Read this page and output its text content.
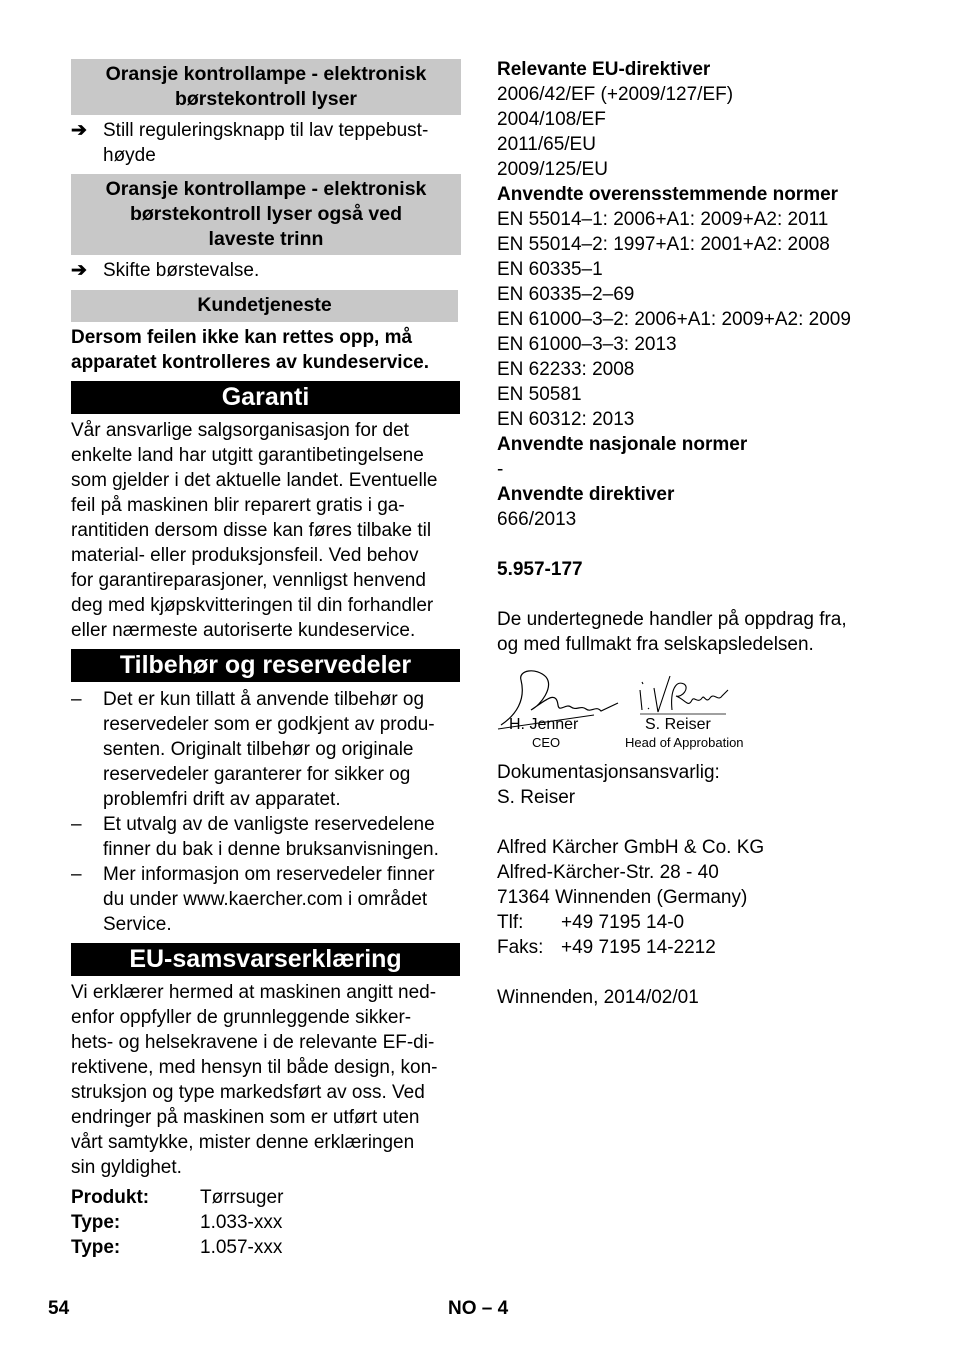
Oransje kontrollampe - elektronisk børstekontroll lyser
➔ Still reguleringsknapp til lav teppebust-
høyde
Oransje kontrollampe - elektronisk
børstekontroll lyser også ved
laveste trinn
➔ Skifte børstevalse.
Kundetjeneste
Dersom feilen ikke kan rettes opp, må
apparatet kontrolleres av kundeservice.
Garanti
Vår ansvarlige salgsorganisasjon for det
enkelte land har utgitt garantibetingelsene
som gjelder i det aktuelle landet. Eventuelle
feil på maskinen blir reparert gratis i ga-
rantitiden dersom disse kan føres tilbake til
material- eller produksjonsfeil. Ved behov
for garantireparasjoner, vennligst henvend
deg med kjøpskvitteringen til din forhandler
eller nærmeste autoriserte kundeservice.
Tilbehør og reservedeler
– Det er kun tillatt å anvende tilbehør og
reservedeler som er godkjent av produ-
senten. Originalt tilbehør og originale
reservedeler garanterer for sikker og
problemfri drift av apparatet.
– Et utvalg av de vanligste reservedelene
finner du bak i denne bruksanvisningen.
– Mer informasjon om reservedeler finner
du under www.kaercher.com i området
Service.
EU-samsvarserklæring
Vi erklærer hermed at maskinen angitt ned-
enfor oppfyller de grunnleggende sikker-
hets- og helsekravene i de relevante EF-di-
rektivene, med hensyn til både design, kon-
struksjon og type markedsført av oss. Ved
endringer på maskinen som er utført uten
vårt samtykke, mister denne erklæringen
sin gyldighet.
Produkt:	Tørrsuger
Type:	1.033-xxx
Type:	1.057-xxx
Relevante EU-direktiver
2006/42/EF (+2009/127/EF)
2004/108/EF
2011/65/EU
2009/125/EU
Anvendte overensstemmende normer
EN 55014–1: 2006+A1: 2009+A2: 2011
EN 55014–2: 1997+A1: 2001+A2: 2008
EN 60335–1
EN 60335–2–69
EN 61000–3–2: 2006+A1: 2009+A2: 2009
EN 61000–3–3: 2013
EN 62233: 2008
EN 50581
EN 60312: 2013
Anvendte nasjonale normer
-
Anvendte direktiver
666/2013

5.957-177

De undertegnede handler på oppdrag fra,
og med fullmakt fra selskapsledelsen.
H. Jenner
CEO
S. Reiser
Head of Approbation
Dokumentasjonsansvarlig:
S. Reiser
Alfred Kärcher GmbH & Co. KG
Alfred-Kärcher-Str. 28 - 40
71364 Winnenden (Germany)
Tlf: +49 7195 14-0
Faks: +49 7195 14-2212
Winnenden, 2014/02/01
54	NO – 4
